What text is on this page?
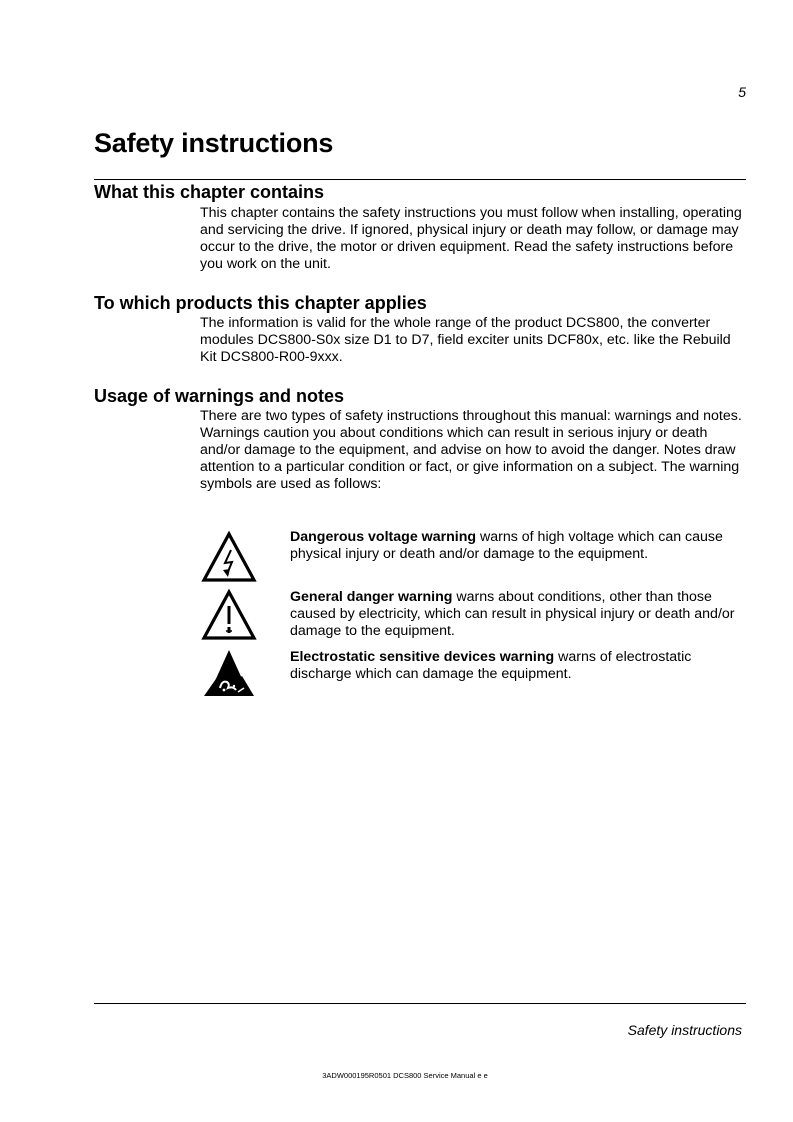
5
Safety instructions
What this chapter contains

This chapter contains the safety instructions you must follow when installing, operating and servicing the drive. If ignored, physical injury or death may follow, or damage may occur to the drive, the motor or driven equipment. Read the safety instructions before you work on the unit.

To which products this chapter applies

The information is valid for the whole range of the product DCS800, the converter modules DCS800-S0x size D1 to D7, field exciter units DCF80x, etc. like the Rebuild Kit DCS800-R00-9xxx.

Usage of warnings and notes

There are two types of safety instructions throughout this manual: warnings and notes. Warnings caution you about conditions which can result in serious injury or death and/or damage to the equipment, and advise on how to avoid the danger. Notes draw attention to a particular condition or fact, or give information on a subject. The warning symbols are used as follows:

Dangerous voltage warning warns of high voltage which can cause physical injury or death and/or damage to the equipment.

General danger warning warns about conditions, other than those caused by electricity, which can result in physical injury or death and/or damage to the equipment.

Electrostatic sensitive devices warning warns of electrostatic discharge which can damage the equipment.

Safety instructions
3ADW000195R0501 DCS800 Service Manual e e
